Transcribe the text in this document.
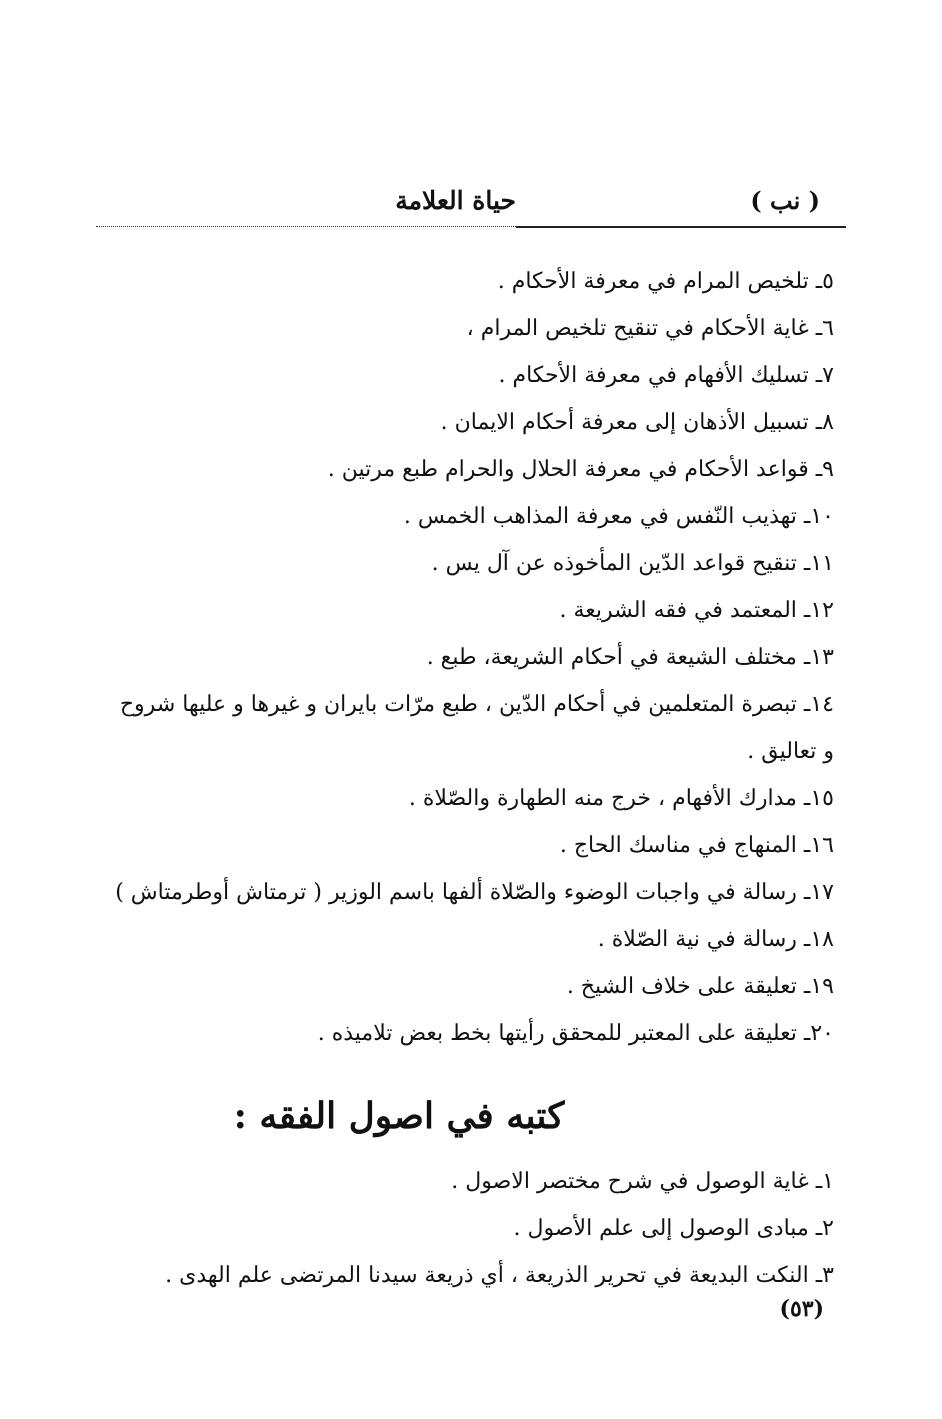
( نب )
حياة العلامة
٥ـ تلخيص المرام في معرفة الأحكام .
٦ـ غاية الأحكام في تنقيح تلخيص المرام ،
٧ـ تسليك الأفهام في معرفة الأحكام .
٨ـ تسبيل الأذهان إلى معرفة أحكام الايمان .
٩ـ قواعد الأحكام في معرفة الحلال والحرام طبع مرتين .
١٠ـ تهذيب النّفس في معرفة المذاهب الخمس .
١١ـ تنقيح قواعد الدّين المأخوذه عن آل يس .
١٢ـ المعتمد في فقه الشريعة .
١٣ـ مختلف الشيعة في أحكام الشريعة، طبع .
١٤ـ تبصرة المتعلمين في أحكام الدّين ، طبع مرّات بايران و غيرها و عليها شروح
و تعاليق .
١٥ـ مدارك الأفهام ، خرج منه الطهارة والصّلاة .
١٦ـ المنهاج في مناسك الحاج .
١٧ـ رسالة في واجبات الوضوء والصّلاة ألفها باسم الوزير ( ترمتاش أوطرمتاش )
١٨ـ رسالة في نية الصّلاة .
١٩ـ تعليقة على خلاف الشيخ .
٢٠ـ تعليقة على المعتبر للمحقق رأيتها بخط بعض تلاميذه .
كتبه في اصول الفقه :
١ـ غاية الوصول في شرح مختصر الاصول .
٢ـ مبادى الوصول إلى علم الأصول .
٣ـ النكت البديعة في تحرير الذريعة ، أي ذريعة سيدنا المرتضى علم الهدى .
(٥٣)
